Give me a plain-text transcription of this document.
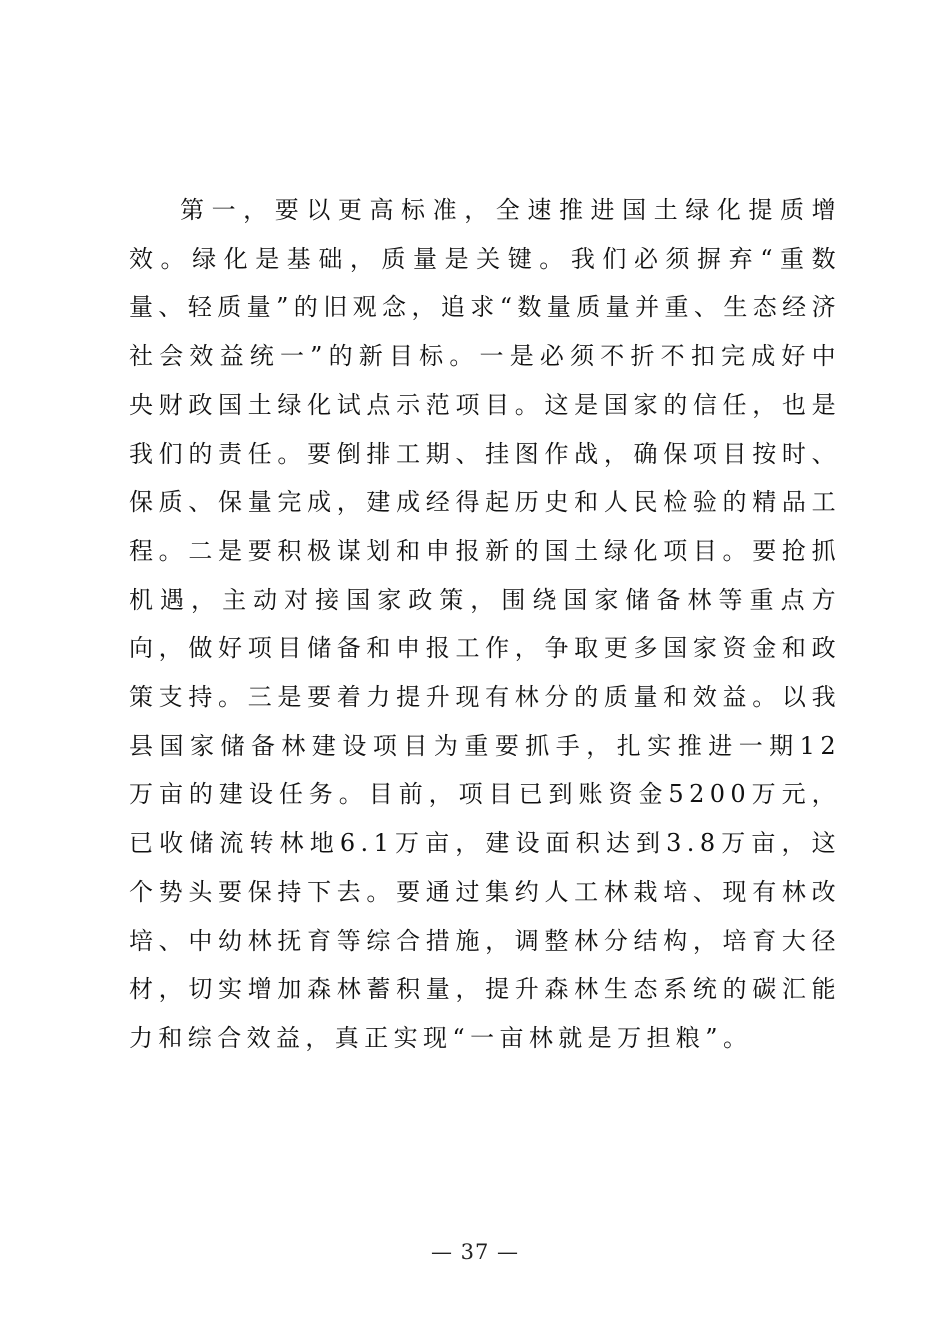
第一，要以更高标准，全速推进国土绿化提质增效。绿化是基础，质量是关键。我们必须摒弃“重数量、轻质量”的旧观念，追求“数量质量并重、生态经济社会效益统一”的新目标。一是必须不折不扣完成好中央财政国土绿化试点示范项目。这是国家的信任，也是我们的责任。要倒排工期、挂图作战，确保项目按时、保质、保量完成，建成经得起历史和人民检验的精品工程。二是要积极谋划和申报新的国土绿化项目。要抢抓机遇，主动对接国家政策，围绕国家储备林等重点方向，做好项目储备和申报工作，争取更多国家资金和政策支持。三是要着力提升现有林分的质量和效益。以我县国家储备林建设项目为重要抓手，扎实推进一期12万亩的建设任务。目前，项目已到账资金5200万元，已收储流转林地6.1万亩，建设面积达到3.8万亩，这个势头要保持下去。要通过集约人工林栽培、现有林改培、中幼林抚育等综合措施，调整林分结构，培育大径材，切实增加森林蓄积量，提升森林生态系统的碳汇能力和综合效益，真正实现“一亩林就是万担粮”。

— 37 —
